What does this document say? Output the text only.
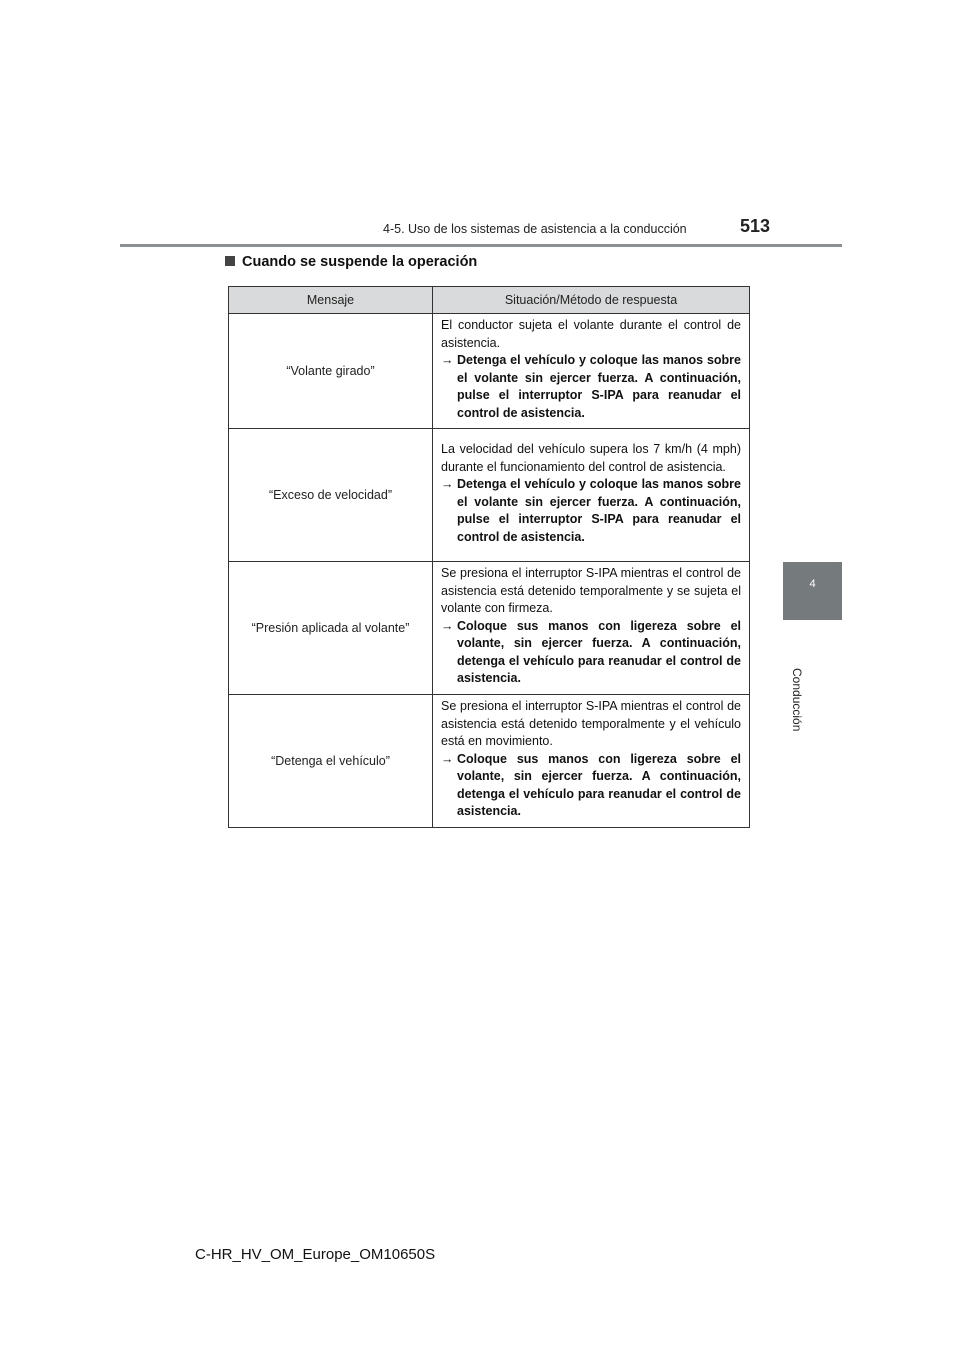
4-5. Uso de los sistemas de asistencia a la conducción	513
4
Conducción
Cuando se suspende la operación
Mensaje	Situación/Método de respuesta
“Volante girado”	El conductor sujeta el volante durante el control de asistencia.
→ Detenga el vehículo y coloque las manos sobre el volante sin ejercer fuerza. A continuación, pulse el interruptor S-IPA para reanudar el control de asistencia.

“Exceso de velocidad”	La velocidad del vehículo supera los 7 km/h (4 mph) durante el funcionamiento del control de asistencia.
→ Detenga el vehículo y coloque las manos sobre el volante sin ejercer fuerza. A continuación, pulse el interruptor S-IPA para reanudar el control de asistencia.

“Presión aplicada al volante”	Se presiona el interruptor S-IPA mientras el control de asistencia está detenido temporalmente y se sujeta el volante con firmeza.
→ Coloque sus manos con ligereza sobre el volante, sin ejercer fuerza. A continuación, detenga el vehículo para reanudar el control de asistencia.

“Detenga el vehículo”	Se presiona el interruptor S-IPA mientras el control de asistencia está detenido temporalmente y el vehículo está en movimiento.
→ Coloque sus manos con ligereza sobre el volante, sin ejercer fuerza. A continuación, detenga el vehículo para reanudar el control de asistencia.
C-HR_HV_OM_Europe_OM10650S
